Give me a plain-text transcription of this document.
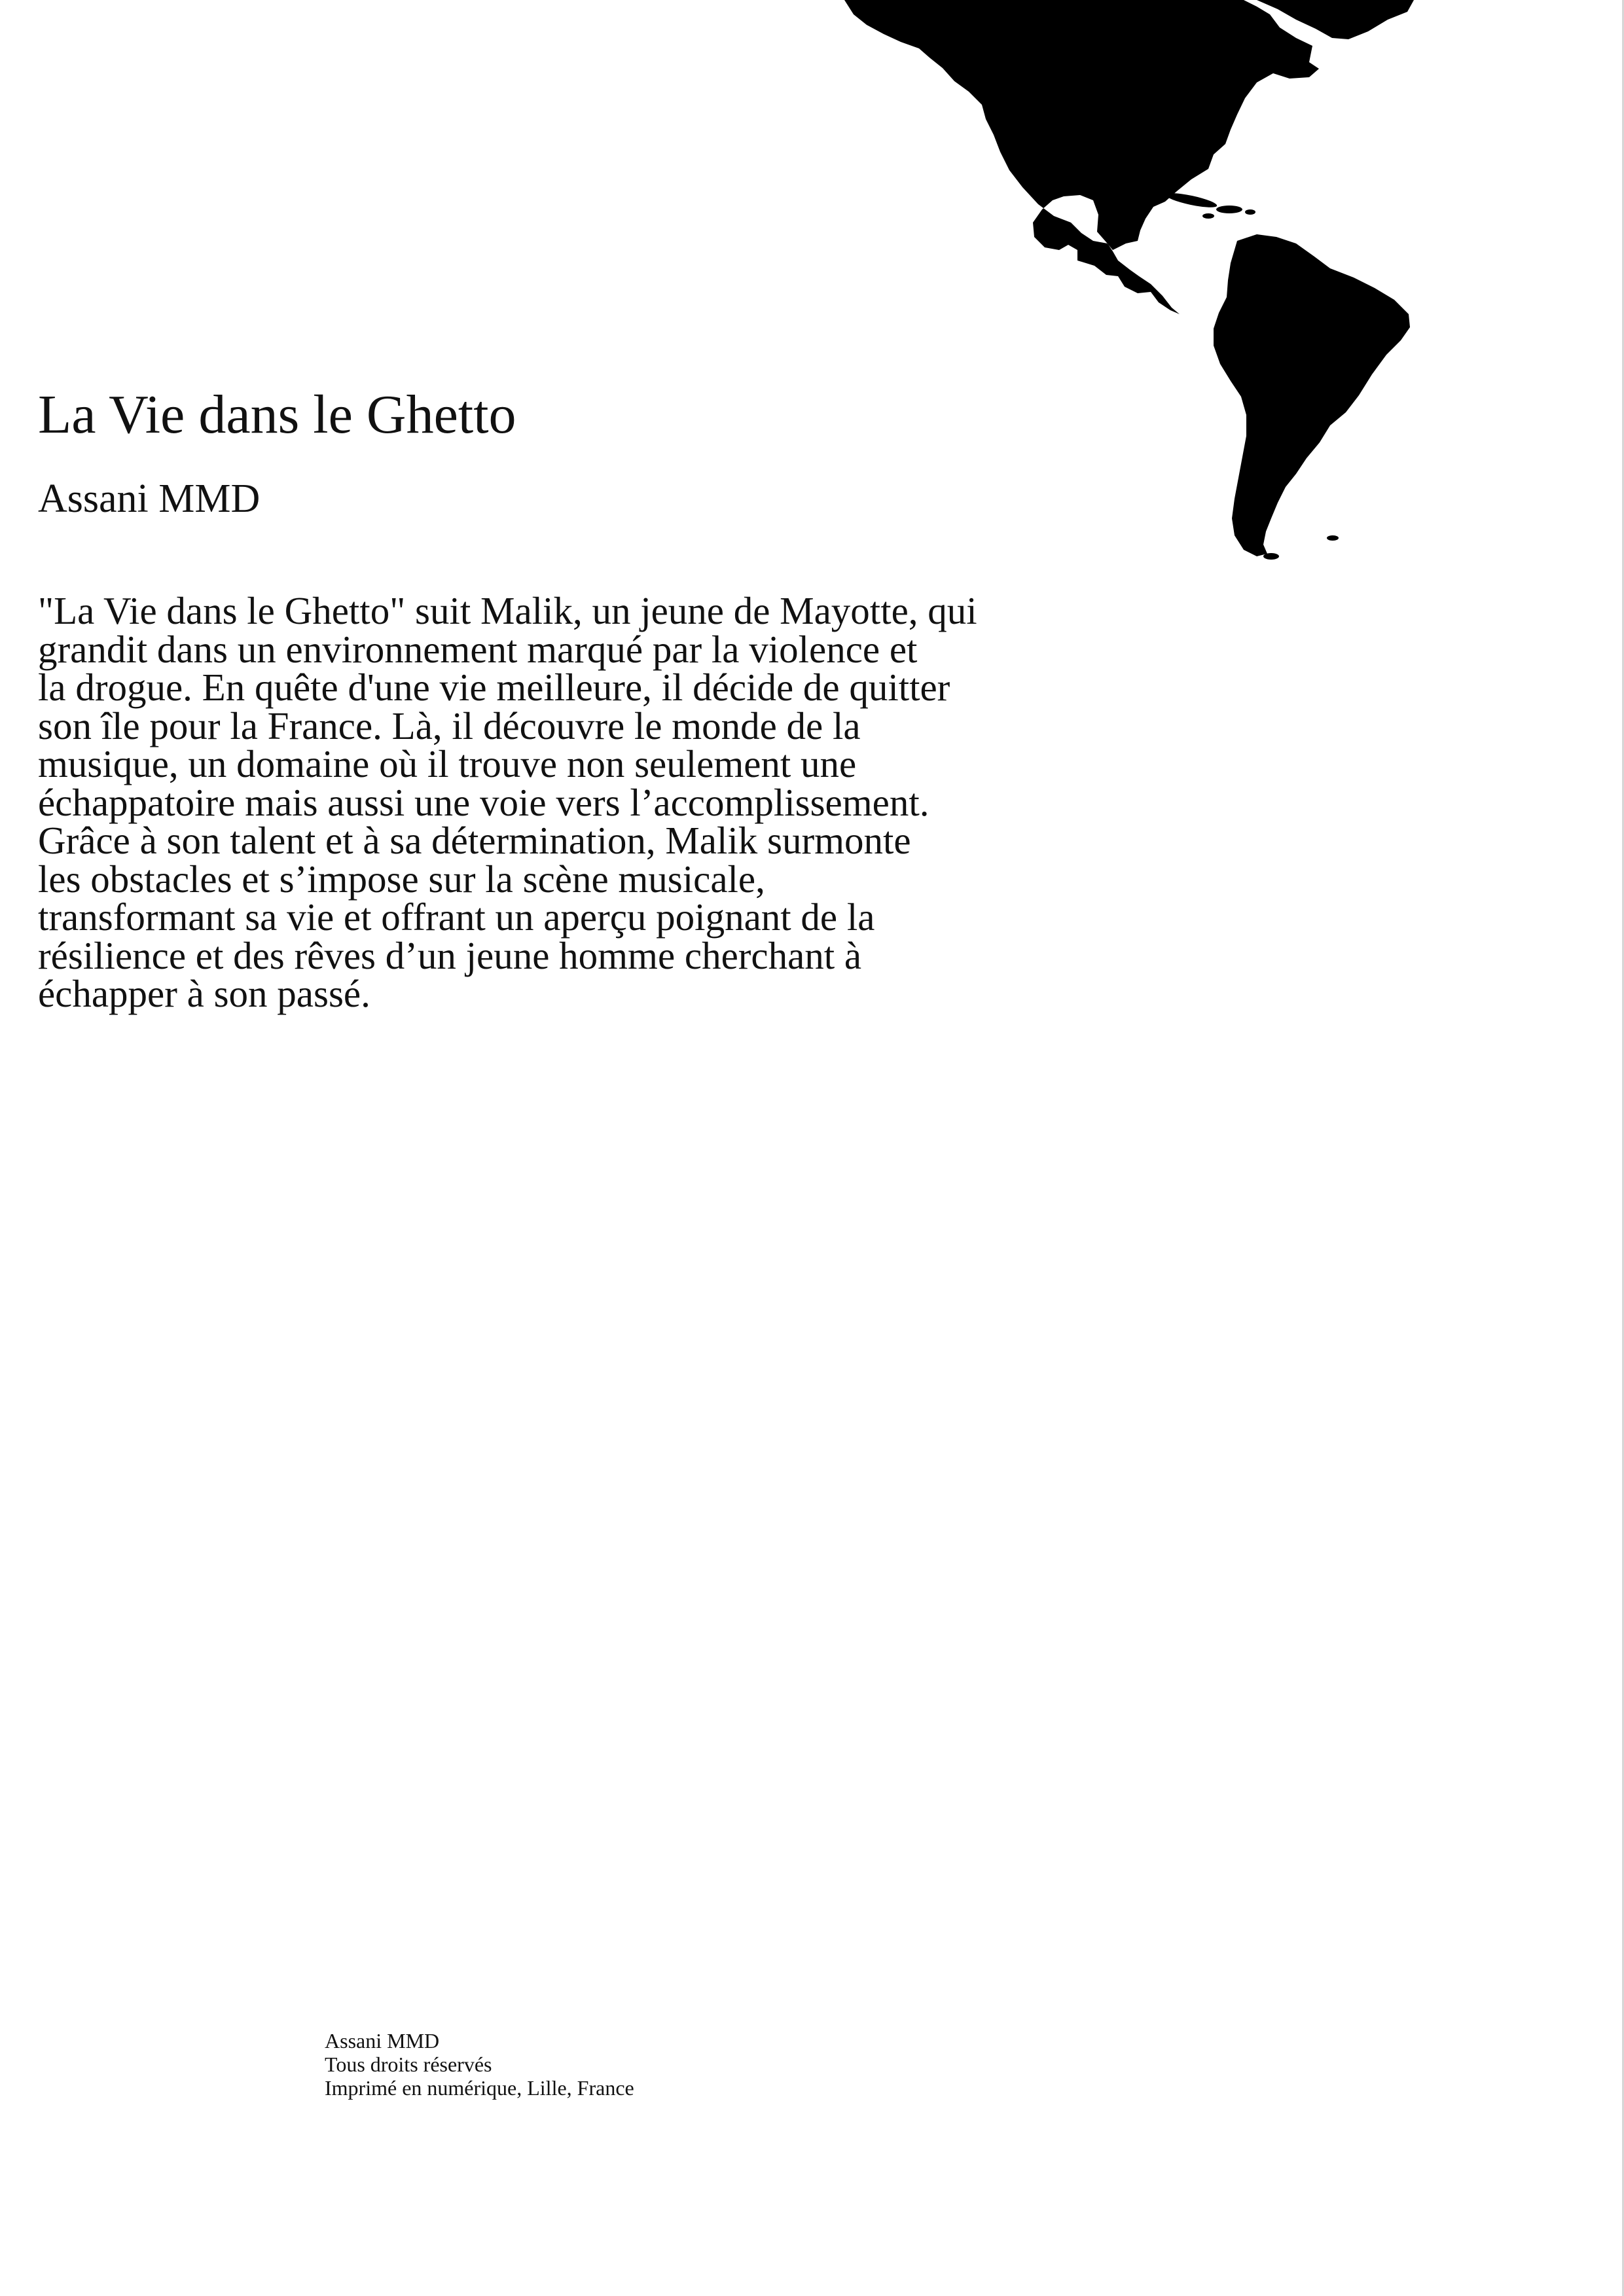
La Vie dans le Ghetto
Assani MMD
"La Vie dans le Ghetto" suit Malik, un jeune de Mayotte, qui
grandit dans un environnement marqué par la violence et
la drogue. En quête d'une vie meilleure, il décide de quitter
son île pour la France. Là, il découvre le monde de la
musique, un domaine où il trouve non seulement une
échappatoire mais aussi une voie vers l’accomplissement.
Grâce à son talent et à sa détermination, Malik surmonte
les obstacles et s’impose sur la scène musicale,
transformant sa vie et offrant un aperçu poignant de la
résilience et des rêves d’un jeune homme cherchant à
échapper à son passé.
Assani MMD
Tous droits réservés
Imprimé en numérique, Lille, France
